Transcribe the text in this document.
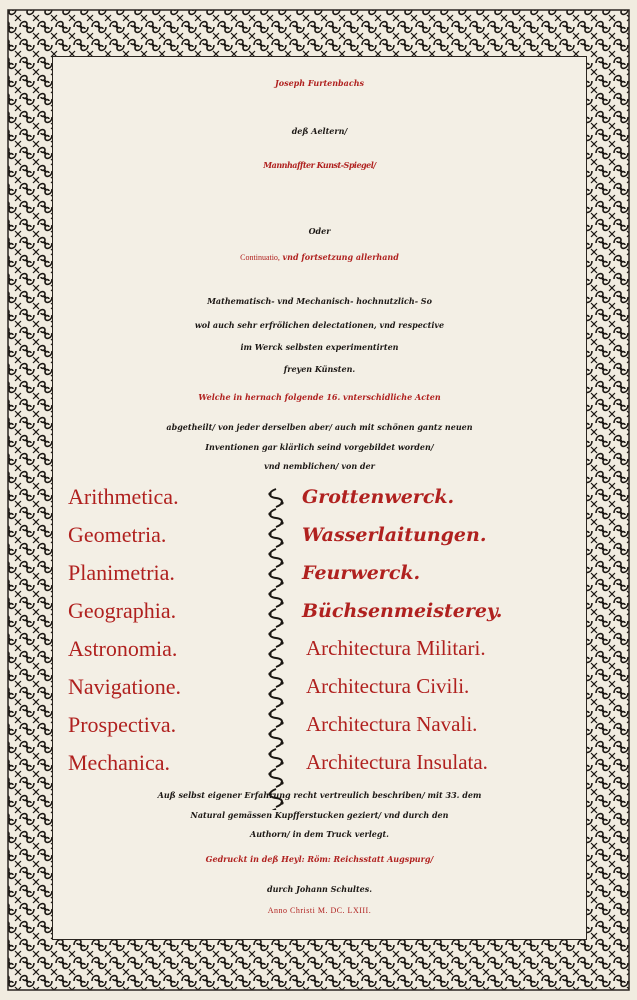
Joseph Furtenbachs
deß Aeltern/
Mannhaffter Kunst-Spiegel/
Oder
Continuatio, vnd fortsetzung allerhand
Mathematisch- vnd Mechanisch- hochnutzlich- So
wol auch sehr erfrölichen delectationen, vnd respective
im Werck selbsten experimentirten
freyen Künsten.
Welche in hernach folgende 16. vnterschidliche Acten
abgetheilt/ von jeder derselben aber/ auch mit schönen gantz neuen
Inventionen gar klärlich seind vorgebildet worden/
vnd nemblichen/ von der
Arithmetica.
Geometria.
Planimetria.
Geographia.
Astronomia.
Navigatione.
Prospectiva.
Mechanica.
Grottenwerck.
Wasserlaitungen.
Feurwerck.
Büchsenmeisterey.
Architectura Militari.
Architectura Civili.
Architectura Navali.
Architectura Insulata.
Auß selbst eigener Erfahrung recht vertreulich beschriben/ mit 33. dem
Natural gemässen Kupfferstucken geziert/ vnd durch den
Authorn/ in dem Truck verlegt.
Gedruckt in deß Heyl: Röm: Reichsstatt Augspurg/
durch Johann Schultes.
Anno Christi M. DC. LXIII.
